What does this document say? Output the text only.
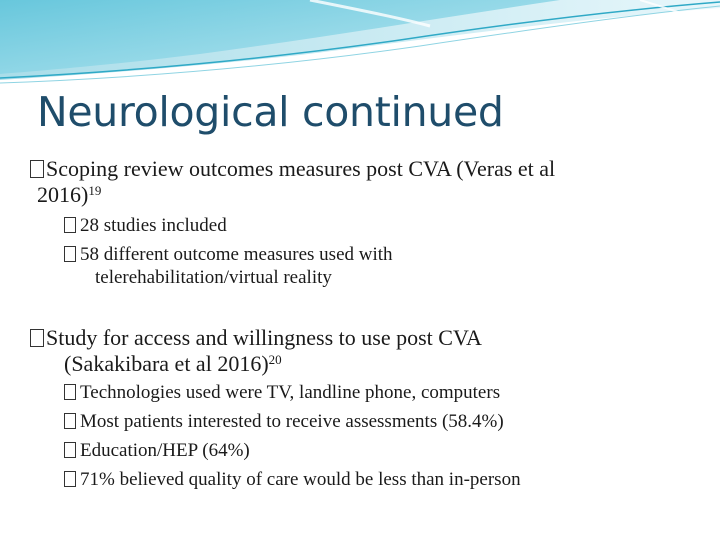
Neurological continued
Scoping review outcomes measures post CVA (Veras et al
2016)$^{19}$
28 studies included
58 different outcome measures used with
telerehabilitation/virtual reality
Study for access and willingness to use post CVA
(Sakakibara et al 2016)$^{20}$
Technologies used were TV, landline phone, computers
Most patients interested to receive assessments (58.4%)
Education/HEP (64%)
71% believed quality of care would be less than in-person
